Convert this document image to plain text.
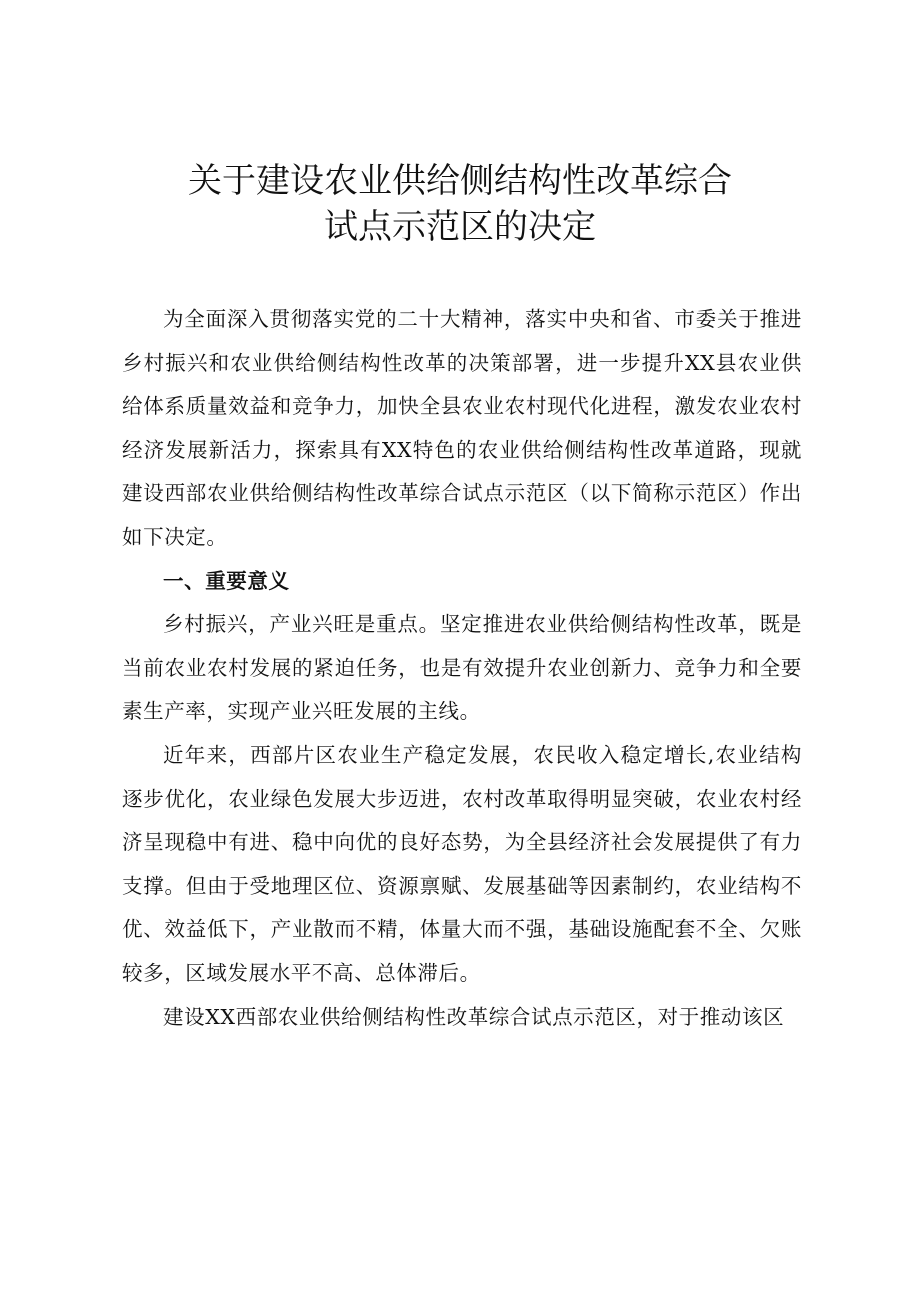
关于建设农业供给侧结构性改革综合
试点示范区的决定

为全面深入贯彻落实党的二十大精神，落实中央和省、市委关于推进乡村振兴和农业供给侧结构性改革的决策部署，进一步提升XX县农业供给体系质量效益和竞争力，加快全县农业农村现代化进程，激发农业农村经济发展新活力，探索具有XX特色的农业供给侧结构性改革道路，现就建设西部农业供给侧结构性改革综合试点示范区（以下简称示范区）作出如下决定。

一、重要意义

乡村振兴，产业兴旺是重点。坚定推进农业供给侧结构性改革，既是当前农业农村发展的紧迫任务，也是有效提升农业创新力、竞争力和全要素生产率，实现产业兴旺发展的主线。

近年来，西部片区农业生产稳定发展，农民收入稳定增长,农业结构逐步优化，农业绿色发展大步迈进，农村改革取得明显突破，农业农村经济呈现稳中有进、稳中向优的良好态势，为全县经济社会发展提供了有力支撑。但由于受地理区位、资源禀赋、发展基础等因素制约，农业结构不优、效益低下，产业散而不精，体量大而不强，基础设施配套不全、欠账较多，区域发展水平不高、总体滞后。

建设XX西部农业供给侧结构性改革综合试点示范区，对于推动该区
